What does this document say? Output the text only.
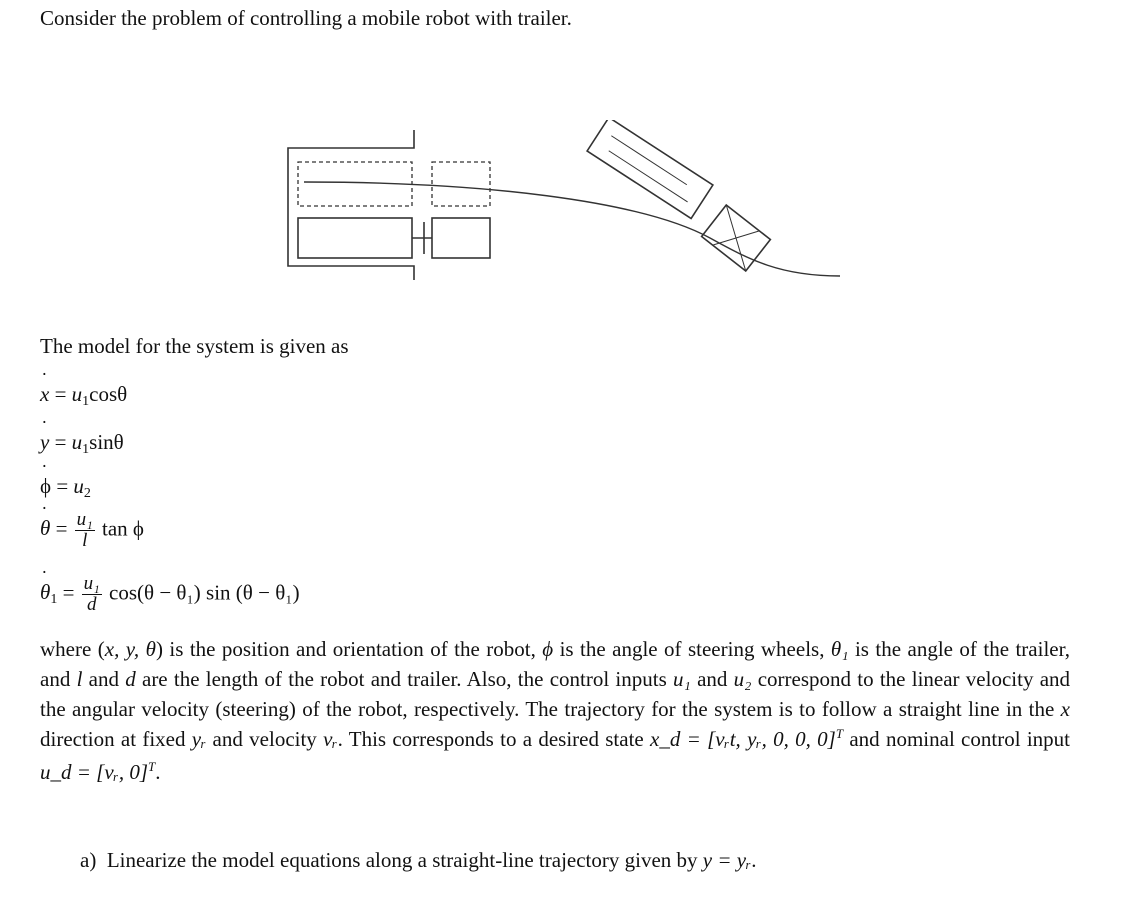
Consider the problem of controlling a mobile robot with trailer.
The model for the system is given as
˙ x = u1cosθ
˙ y = u1sinθ
˙ ϕ = u2
˙ $\theta = \frac{\text{u₁}}{l}$ tan ϕ
˙ $\theta 1 = \frac{\text{u₁}}{d} \cos(\theta - \theta_1)$ sin (θ − θ₁)
where (x, y, θ) is the position and orientation of the robot, ϕ is the angle of steering wheels, θ₁ is the angle of the trailer, and l and d are the length of the robot and trailer. Also, the control inputs u₁ and u₂ correspond to the linear velocity and the angular velocity (steering) of the robot, respectively. The trajectory for the system is to follow a straight line in the x direction at fixed yᵣ and velocity vᵣ. This corresponds to a desired state x_d = [vᵣt, yᵣ, 0, 0, 0]$^T$ and nominal control input u_d = [vᵣ, 0]$^T$.
a) Linearize the model equations along a straight-line trajectory given by y = yᵣ.
